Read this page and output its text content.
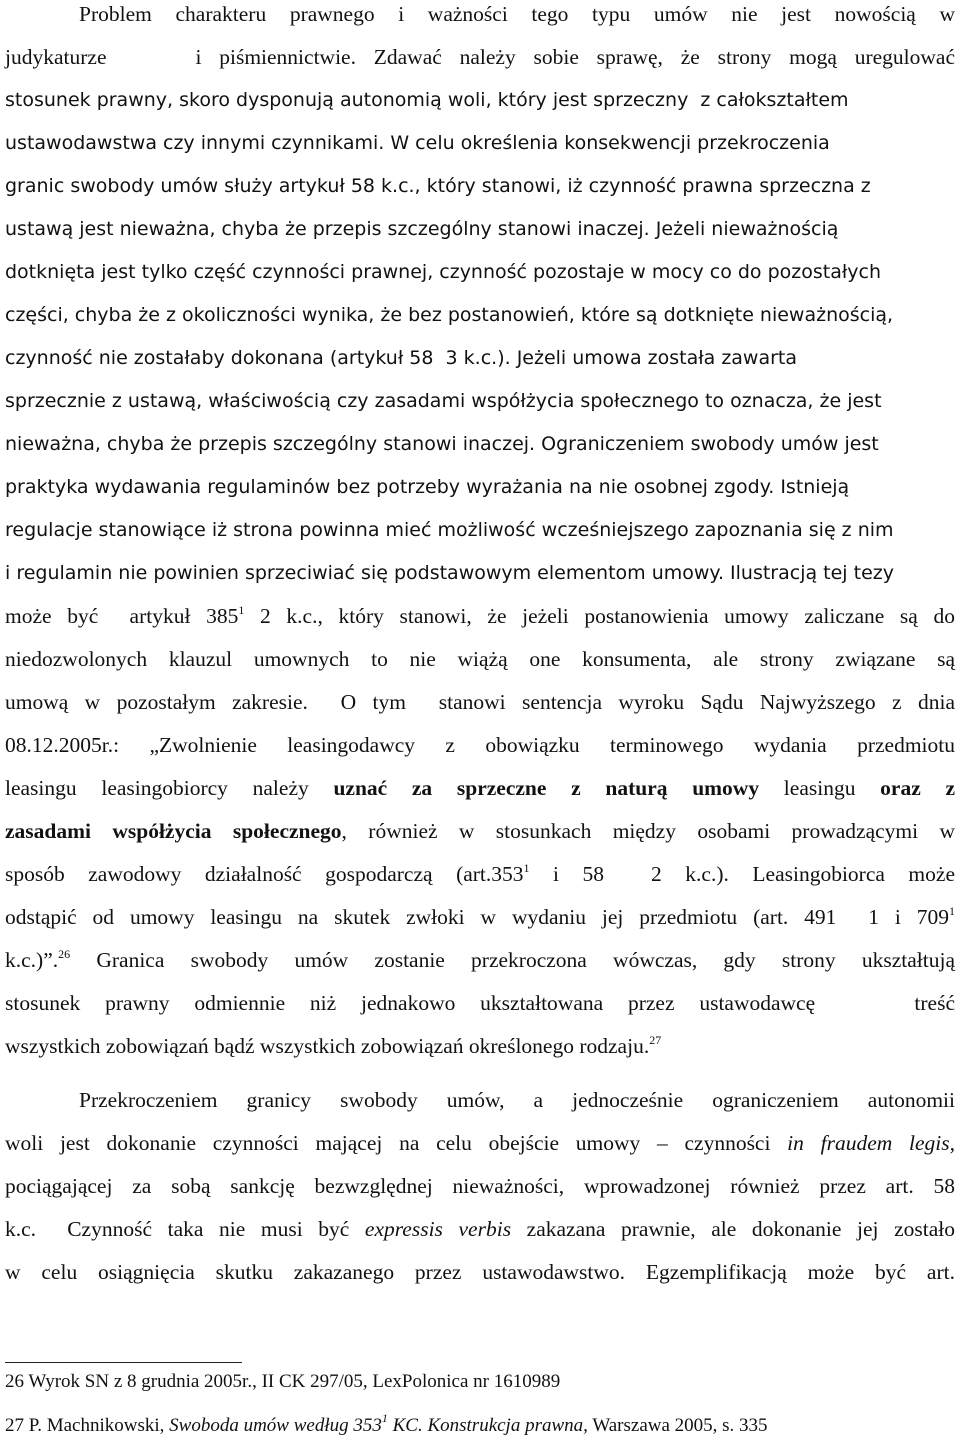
Problem charakteru prawnego i ważności tego typu umów nie jest nowością w
judykaturze     i piśmiennictwie. Zdawać należy sobie sprawę, że strony mogą uregulować
stosunek prawny, skoro dysponują autonomią woli, który jest sprzeczny  z całokształtem
ustawodawstwa czy innymi czynnikami. W celu określenia konsekwencji przekroczenia
granic swobody umów służy artykuł 58 k.c., który stanowi, iż czynność prawna sprzeczna z
ustawą jest nieważna, chyba że przepis szczególny stanowi inaczej. Jeżeli nieważnością
dotknięta jest tylko część czynności prawnej, czynność pozostaje w mocy co do pozostałych
części, chyba że z okoliczności wynika, że bez postanowień, które są dotknięte nieważnością,
czynność nie zostałaby dokonana (artykuł 58  3 k.c.). Jeżeli umowa została zawarta
sprzecznie z ustawą, właściwością czy zasadami współżycia społecznego to oznacza, że jest
nieważna, chyba że przepis szczególny stanowi inaczej. Ograniczeniem swobody umów jest
praktyka wydawania regulaminów bez potrzeby wyrażania na nie osobnej zgody. Istnieją
regulacje stanowiące iż strona powinna mieć możliwość wcześniejszego zapoznania się z nim
i regulamin nie powinien sprzeciwiać się podstawowym elementom umowy. Ilustracją tej tezy
może być  artykuł $385^1$ 2 k.c., który stanowi, że jeżeli postanowienia umowy zaliczane są do
niedozwolonych klauzul umownych to nie wiążą one konsumenta, ale strony związane są
umową w pozostałym zakresie.  O tym  stanowi sentencja wyroku Sądu Najwyższego z dnia
08.12.2005r.: „Zwolnienie leasingodawcy z obowiązku terminowego wydania przedmiotu
leasingu leasingobiorcy należy uznać za sprzeczne z naturą umowy leasingu oraz z
zasadami współżycia społecznego, również w stosunkach między osobami prowadzącymi w
sposób zawodowy działalność gospodarczą (art.353$^1$ i 58  2 k.c.). Leasingobiorca może
odstąpić od umowy leasingu na skutek zwłoki w wydaniu jej przedmiotu (art. 491  1 i $709^1$
k.c.)”.$^{26}$ Granica swobody umów zostanie przekroczona wówczas, gdy strony ukształtują
stosunek prawny odmiennie niż jednakowo ukształtowana przez ustawodawcę    treść
wszystkich zobowiązań bądź wszystkich zobowiązań określonego rodzaju.$^{27}$
Przekroczeniem granicy swobody umów, a jednocześnie ograniczeniem autonomii
woli jest dokonanie czynności mającej na celu obejście umowy – czynności in fraudem legis,
pociągającej za sobą sankcję bezwzględnej nieważności, wprowadzonej również przez art. 58
k.c.  Czynność taka nie musi być expressis verbis zakazana prawnie, ale dokonanie jej zostało
w celu osiągnięcia skutku zakazanego przez ustawodawstwo. Egzemplifikacją może być art.
26 Wyrok SN z 8 grudnia 2005r., II CK 297/05, LexPolonica nr 1610989
27 P. Machnikowski, Swoboda umów według $353^1$ KC. Konstrukcja prawna, Warszawa 2005, s. 335
